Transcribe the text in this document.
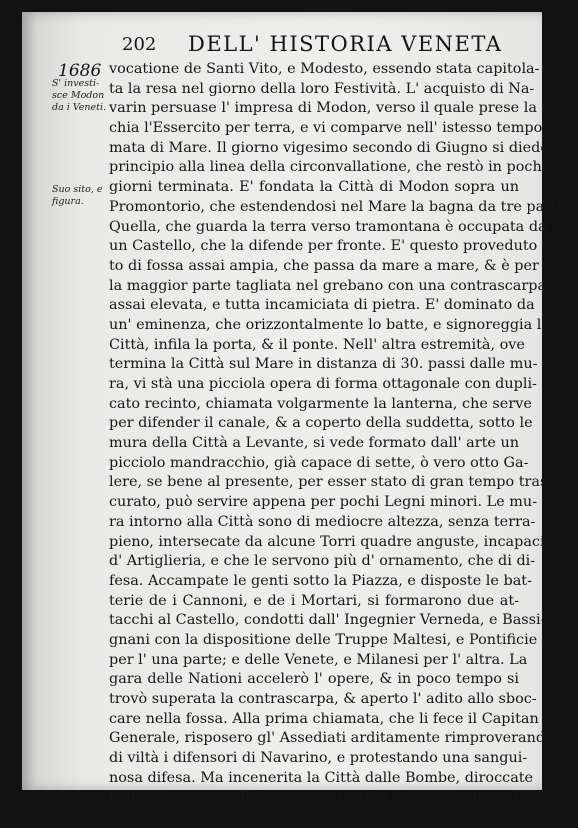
202 DELL' HISTORIA VENETA
1686
S' investi-
sce Modon
da i Veneti.
Suo sito, e
figura.
vocatione de Santi Vito, e Modesto, essendo stata capitola-
ta la resa nel giorno della loro Festività. L' acquisto di Na-
varin persuase l' impresa di Modon, verso il quale prese la mar-
chia l'Essercito per terra, e vi comparve nell' istesso tempo l'Ar-
mata di Mare. Il giorno vigesimo secondo di Giugno si diede
principio alla linea della circonvallatione, che restò in pochi
giorni terminata. E' fondata la Città di Modon sopra un
Promontorio, che estendendosi nel Mare la bagna da tre parti.
Quella, che guarda la terra verso tramontana è occupata da
un Castello, che la difende per fronte. E' questo proveduto
to di fossa assai ampia, che passa da mare a mare, & è per
la maggior parte tagliata nel grebano con una contrascarpa
assai elevata, e tutta incamiciata di pietra. E' dominato da
un' eminenza, che orizzontalmente lo batte, e signoreggia la
Città, infila la porta, & il ponte. Nell' altra estremità, ove
termina la Città sul Mare in distanza di 30. passi dalle mu-
ra, vi stà una picciola opera di forma ottagonale con dupli-
cato recinto, chiamata volgarmente la lanterna, che serve
per difender il canale, & a coperto della suddetta, sotto le
mura della Città a Levante, si vede formato dall' arte un
picciolo mandracchio, già capace di sette, ò vero otto Ga-
lere, se bene al presente, per esser stato di gran tempo tras-
curato, può servire appena per pochi Legni minori. Le mu-
ra intorno alla Città sono di mediocre altezza, senza terra-
pieno, intersecate da alcune Torri quadre anguste, incapaci
d' Artiglieria, e che le servono più d' ornamento, che di di-
fesa. Accampate le genti sotto la Piazza, e disposte le bat-
terie de i Cannoni, e de i Mortari, si formarono due at-
tacchi al Castello, condotti dall' Ingegnier Verneda, e Bassi-
gnani con la dispositione delle Truppe Maltesi, e Pontificie
per l' una parte; e delle Venete, e Milanesi per l' altra. La
gara delle Nationi accelerò l' opere, & in poco tempo si
trovò superata la contrascarpa, & aperto l' adito allo sboc-
care nella fossa. Alla prima chiamata, che li fece il Capitan
Generale, risposero gl' Assediati arditamente rimproverando
di viltà i difensori di Navarino, e protestando una sangui-
nosa difesa. Ma incenerita la Città dalle Bombe, diroccate
le difese, e vicino il minatore, atterriti dall' essempio infelice
di
